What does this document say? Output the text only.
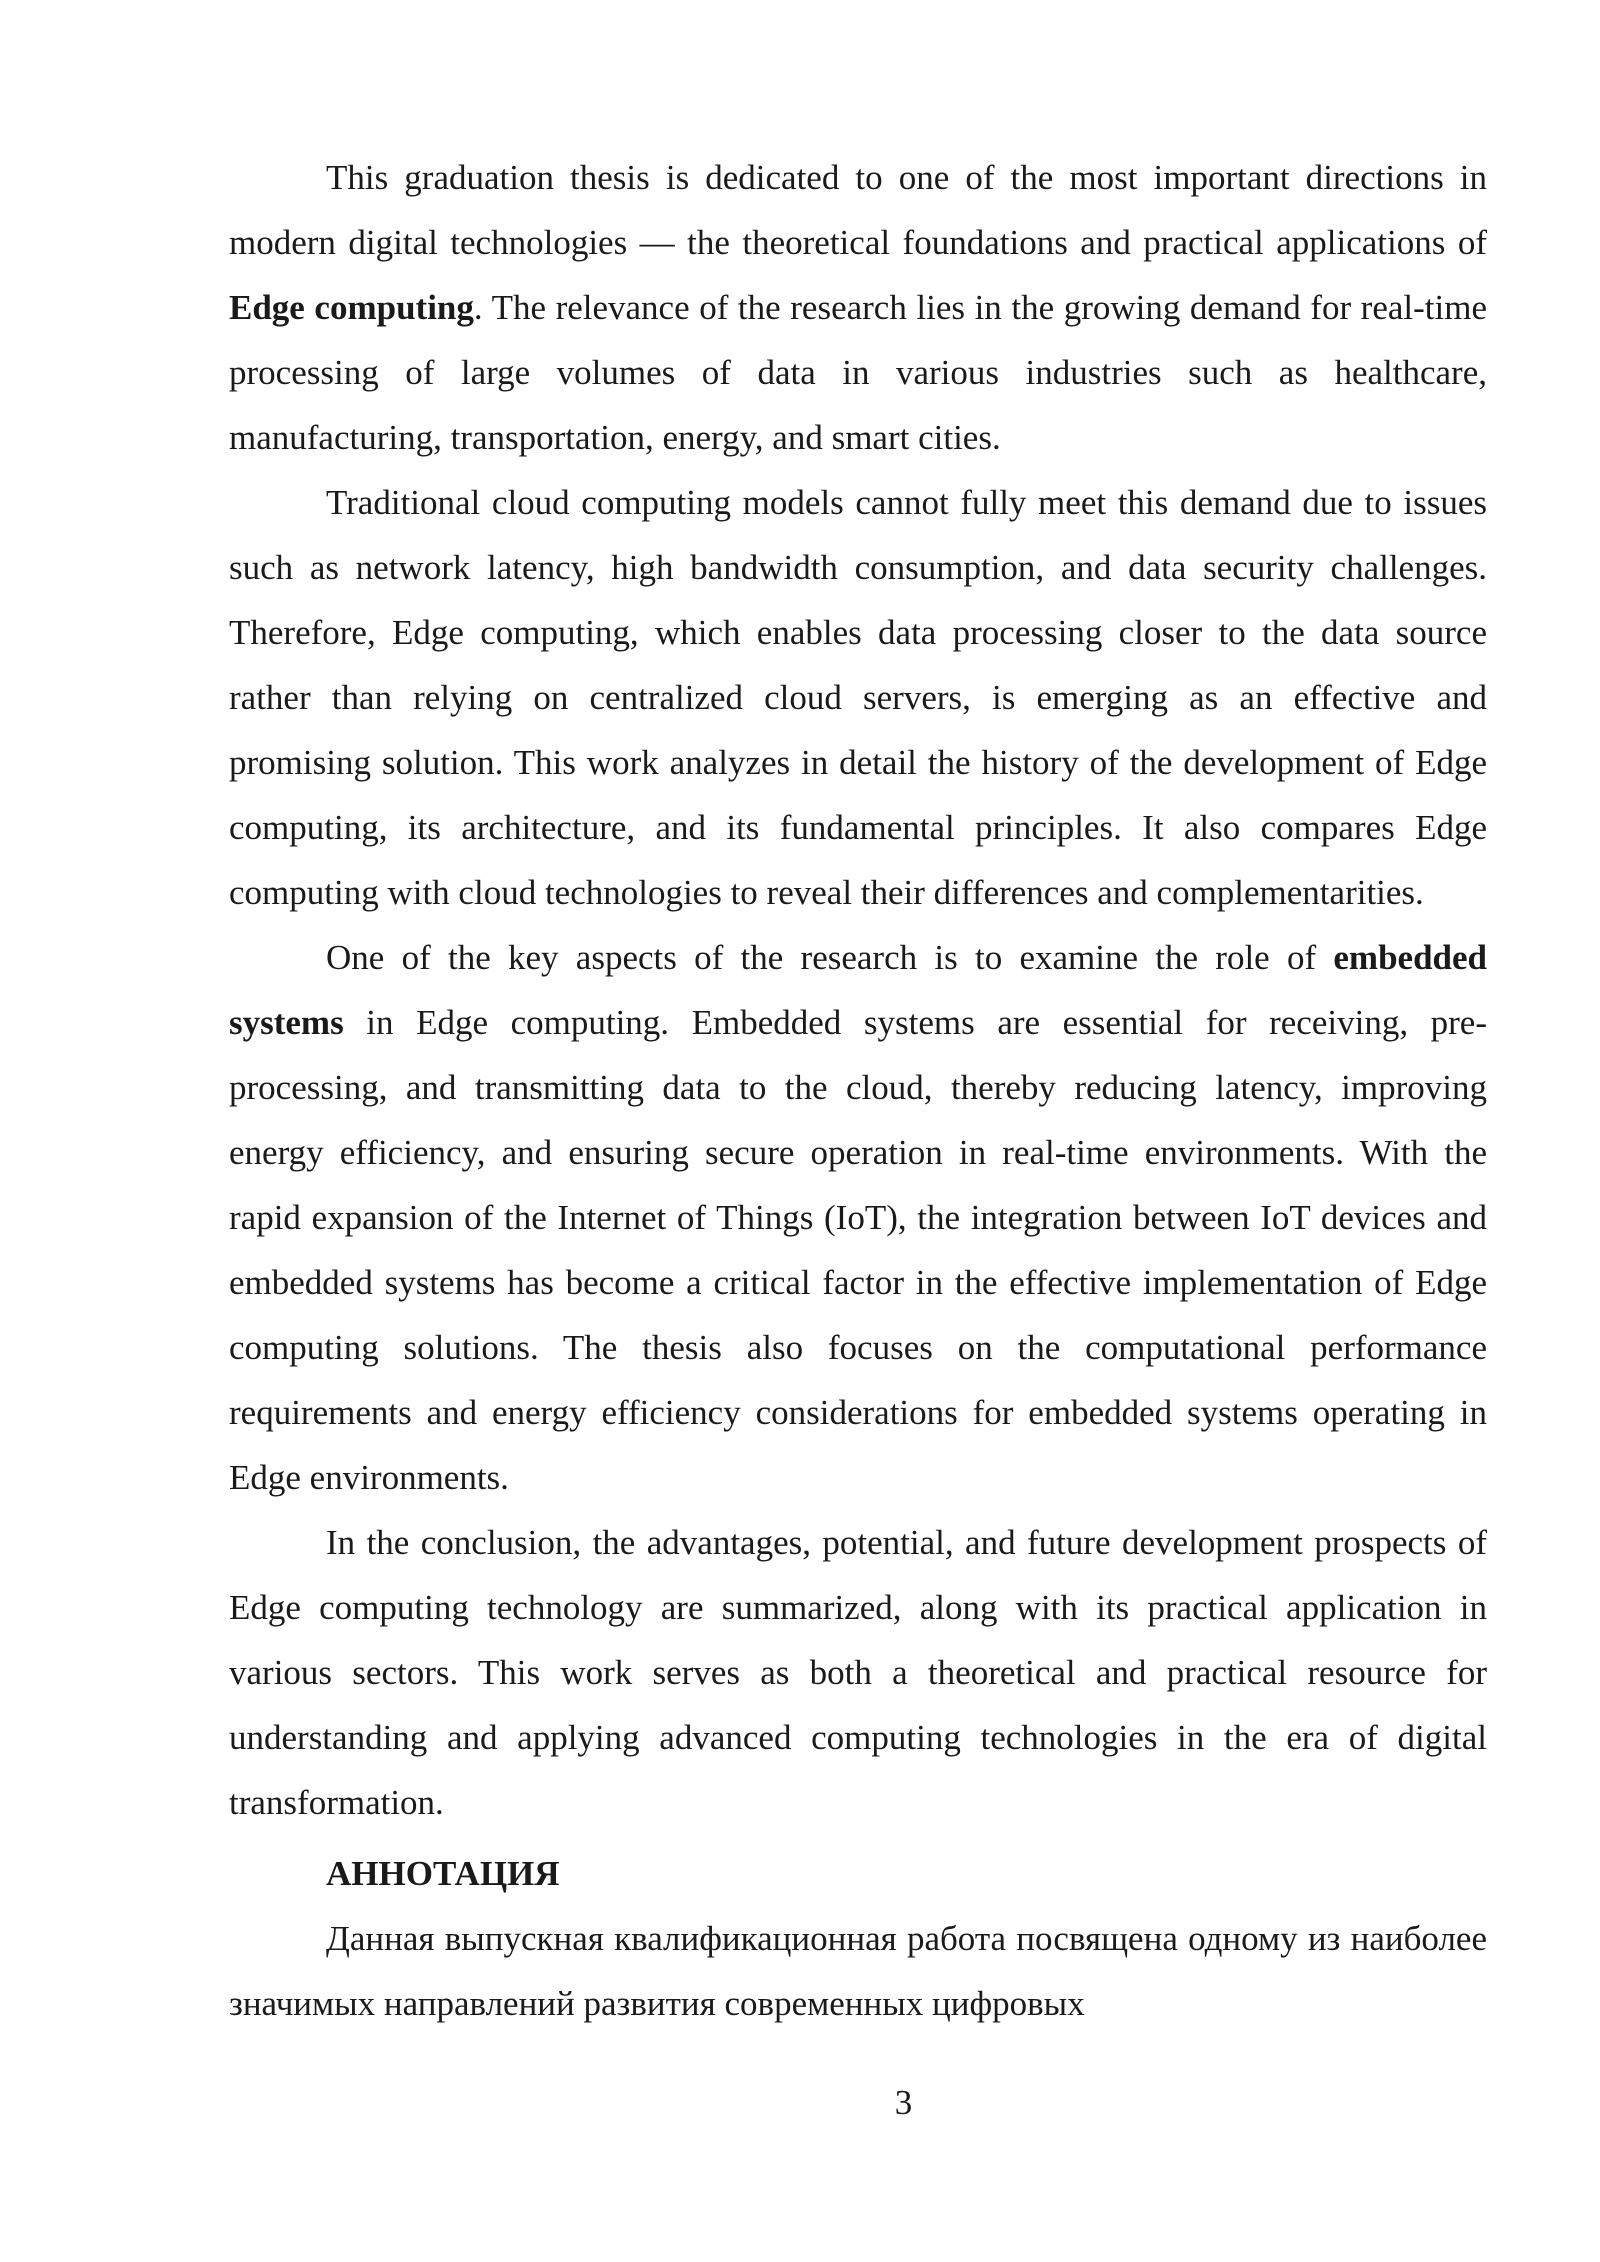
This graduation thesis is dedicated to one of the most important directions in modern digital technologies — the theoretical foundations and practical applications of Edge computing. The relevance of the research lies in the growing demand for real-time processing of large volumes of data in various industries such as healthcare, manufacturing, transportation, energy, and smart cities.

Traditional cloud computing models cannot fully meet this demand due to issues such as network latency, high bandwidth consumption, and data security challenges. Therefore, Edge computing, which enables data processing closer to the data source rather than relying on centralized cloud servers, is emerging as an effective and promising solution. This work analyzes in detail the history of the development of Edge computing, its architecture, and its fundamental principles. It also compares Edge computing with cloud technologies to reveal their differences and complementarities.

One of the key aspects of the research is to examine the role of embedded systems in Edge computing. Embedded systems are essential for receiving, pre-processing, and transmitting data to the cloud, thereby reducing latency, improving energy efficiency, and ensuring secure operation in real-time environments. With the rapid expansion of the Internet of Things (IoT), the integration between IoT devices and embedded systems has become a critical factor in the effective implementation of Edge computing solutions. The thesis also focuses on the computational performance requirements and energy efficiency considerations for embedded systems operating in Edge environments.

In the conclusion, the advantages, potential, and future development prospects of Edge computing technology are summarized, along with its practical application in various sectors. This work serves as both a theoretical and practical resource for understanding and applying advanced computing technologies in the era of digital transformation.

АННОТАЦИЯ

Данная выпускная квалификационная работа посвящена одному из наиболее значимых направлений развития современных цифровых

3
